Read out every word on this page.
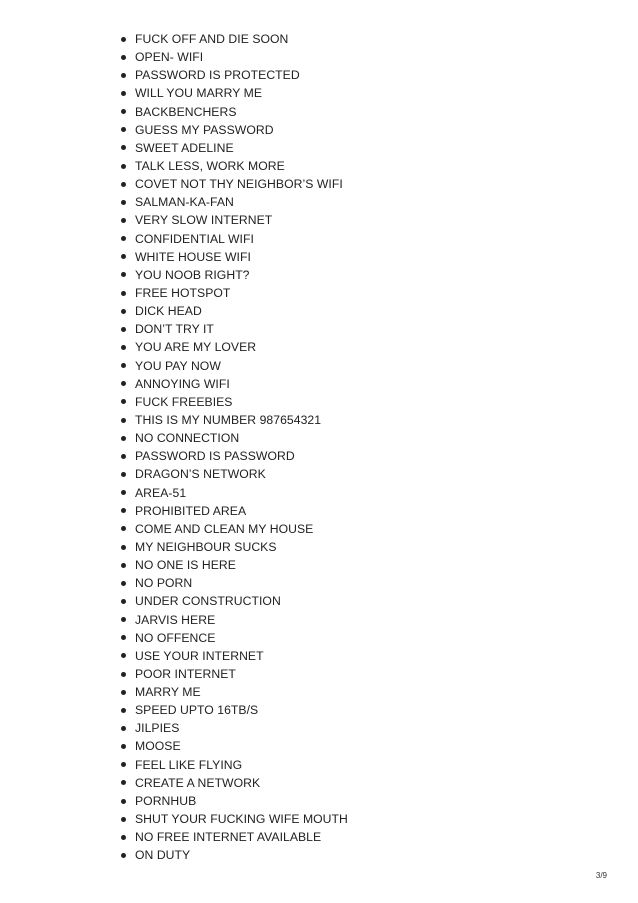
FUCK OFF AND DIE SOON
OPEN- WIFI
PASSWORD IS PROTECTED
WILL YOU MARRY ME
BACKBENCHERS
GUESS MY PASSWORD
SWEET ADELINE
TALK LESS, WORK MORE
COVET NOT THY NEIGHBOR’S WIFI
SALMAN-KA-FAN
VERY SLOW INTERNET
CONFIDENTIAL WIFI
WHITE HOUSE WIFI
YOU NOOB RIGHT?
FREE HOTSPOT
DICK HEAD
DON’T TRY IT
YOU ARE MY LOVER
YOU PAY NOW
ANNOYING WIFI
FUCK FREEBIES
THIS IS MY NUMBER 987654321
NO CONNECTION
PASSWORD IS PASSWORD
DRAGON’S NETWORK
AREA-51
PROHIBITED AREA
COME AND CLEAN MY HOUSE
MY NEIGHBOUR SUCKS
NO ONE IS HERE
NO PORN
UNDER CONSTRUCTION
JARVIS HERE
NO OFFENCE
USE YOUR INTERNET
POOR INTERNET
MARRY ME
SPEED UPTO 16TB/S
JILPIES
MOOSE
FEEL LIKE FLYING
CREATE A NETWORK
PORNHUB
SHUT YOUR FUCKING WIFE MOUTH
NO FREE INTERNET AVAILABLE
ON DUTY
3/9
